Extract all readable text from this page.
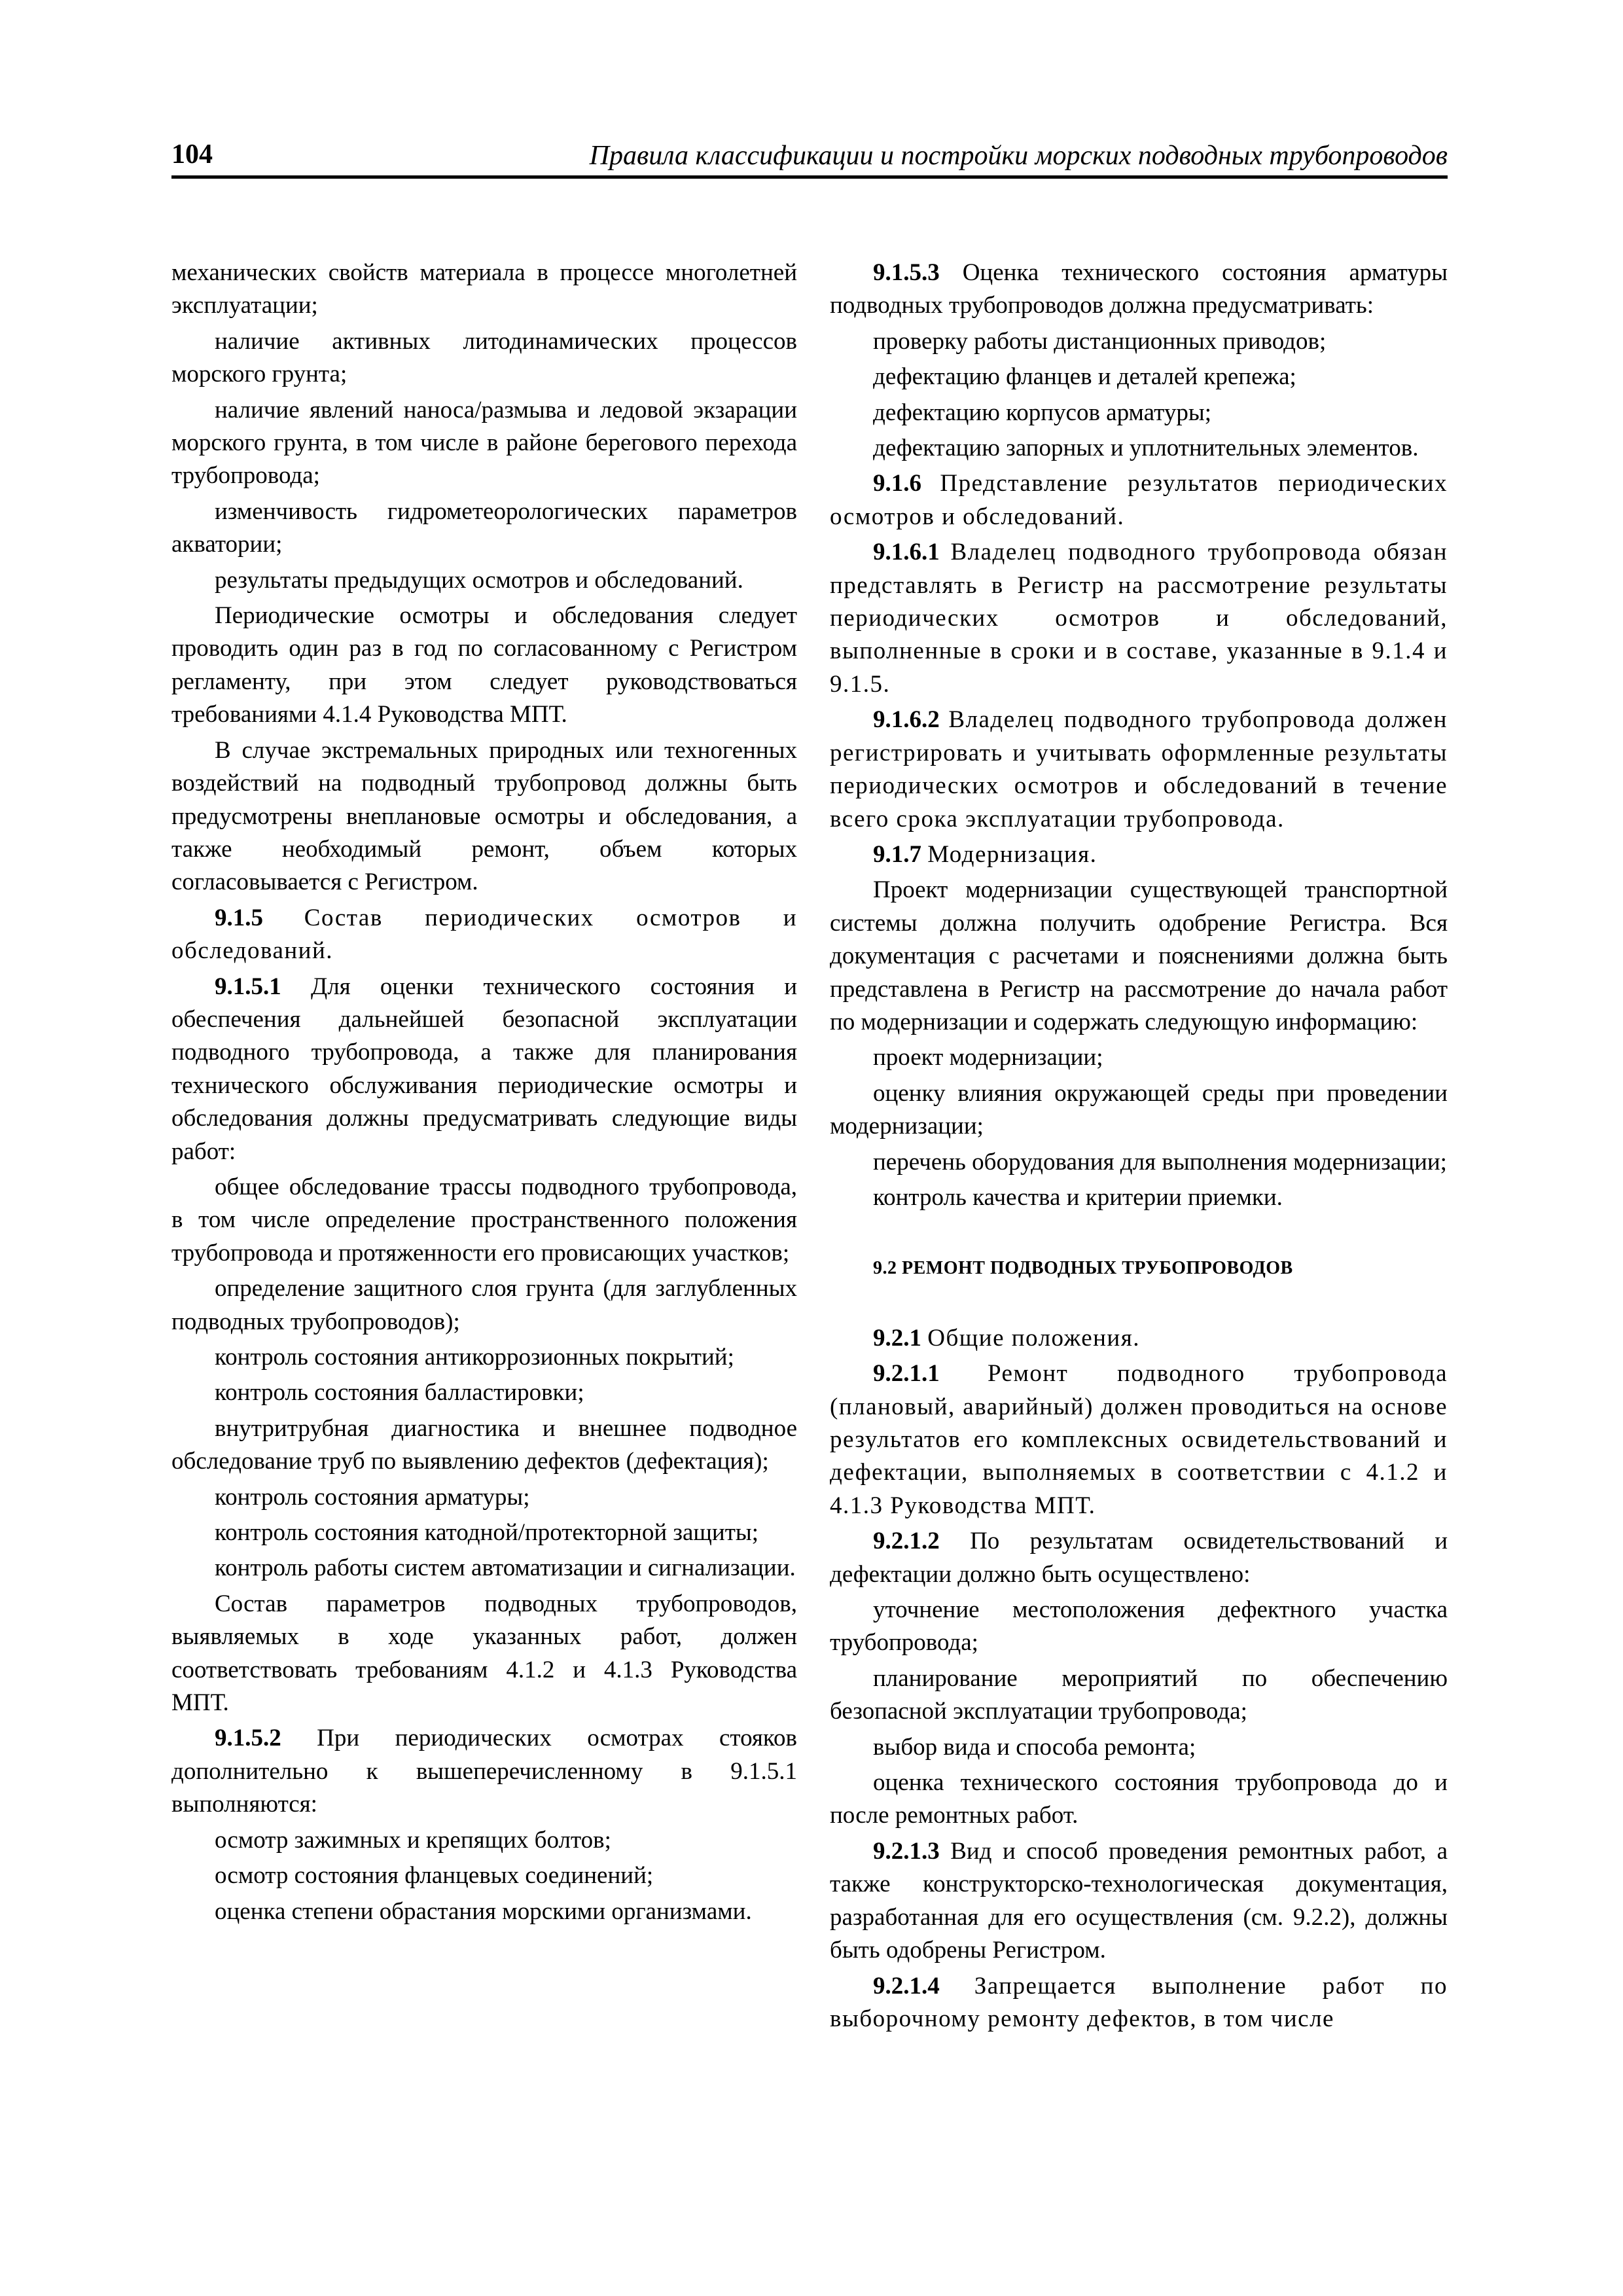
104	Правила классификации и постройки морских подводных трубопроводов

механических свойств материала в процессе многолетней эксплуатации;

наличие активных литодинамических процессов морского грунта;

наличие явлений наноса/размыва и ледовой экзарации морского грунта, в том числе в районе берегового перехода трубопровода;

изменчивость гидрометеорологических параметров акватории;

результаты предыдущих осмотров и обследований.

Периодические осмотры и обследования следует проводить один раз в год по согласованному с Регистром регламенту, при этом следует руководствоваться требованиями 4.1.4 Руководства МПТ.

В случае экстремальных природных или техногенных воздействий на подводный трубопровод должны быть предусмотрены внеплановые осмотры и обследования, а также необходимый ремонт, объем которых согласовывается с Регистром.

9.1.5 Состав периодических осмотров и обследований.

9.1.5.1 Для оценки технического состояния и обеспечения дальнейшей безопасной эксплуатации подводного трубопровода, а также для планирования технического обслуживания периодические осмотры и обследования должны предусматривать следующие виды работ:

общее обследование трассы подводного трубопровода, в том числе определение пространственного положения трубопровода и протяженности его провисающих участков;

определение защитного слоя грунта (для заглубленных подводных трубопроводов);

контроль состояния антикоррозионных покрытий;

контроль состояния балластировки;

внутритрубная диагностика и внешнее подводное обследование труб по выявлению дефектов (дефектация);

контроль состояния арматуры;

контроль состояния катодной/протекторной защиты;

контроль работы систем автоматизации и сигнализации.

Состав параметров подводных трубопроводов, выявляемых в ходе указанных работ, должен соответствовать требованиям 4.1.2 и 4.1.3 Руководства МПТ.

9.1.5.2 При периодических осмотрах стояков дополнительно к вышеперечисленному в 9.1.5.1 выполняются:

осмотр зажимных и крепящих болтов;

осмотр состояния фланцевых соединений;

оценка степени обрастания морскими организмами.

9.1.5.3 Оценка технического состояния арматуры подводных трубопроводов должна предусматривать:

проверку работы дистанционных приводов;

дефектацию фланцев и деталей крепежа;

дефектацию корпусов арматуры;

дефектацию запорных и уплотнительных элементов.

9.1.6 Представление результатов периодических осмотров и обследований.

9.1.6.1 Владелец подводного трубопровода обязан представлять в Регистр на рассмотрение результаты периодических осмотров и обследований, выполненные в сроки и в составе, указанные в 9.1.4 и 9.1.5.

9.1.6.2 Владелец подводного трубопровода должен регистрировать и учитывать оформленные результаты периодических осмотров и обследований в течение всего срока эксплуатации трубопровода.

9.1.7 Модернизация.

Проект модернизации существующей транспортной системы должна получить одобрение Регистра. Вся документация с расчетами и пояснениями должна быть представлена в Регистр на рассмотрение до начала работ по модернизации и содержать следующую информацию:

проект модернизации;

оценку влияния окружающей среды при проведении модернизации;

перечень оборудования для выполнения модернизации;

контроль качества и критерии приемки.

9.2 РЕМОНТ ПОДВОДНЫХ ТРУБОПРОВОДОВ

9.2.1 Общие положения.

9.2.1.1 Ремонт подводного трубопровода (плановый, аварийный) должен проводиться на основе результатов его комплексных освидетельствований и дефектации, выполняемых в соответствии с 4.1.2 и 4.1.3 Руководства МПТ.

9.2.1.2 По результатам освидетельствований и дефектации должно быть осуществлено:

уточнение местоположения дефектного участка трубопровода;

планирование мероприятий по обеспечению безопасной эксплуатации трубопровода;

выбор вида и способа ремонта;

оценка технического состояния трубопровода до и после ремонтных работ.

9.2.1.3 Вид и способ проведения ремонтных работ, а также конструкторско-технологическая документация, разработанная для его осуществления (см. 9.2.2), должны быть одобрены Регистром.

9.2.1.4 Запрещается выполнение работ по выборочному ремонту дефектов, в том числе
